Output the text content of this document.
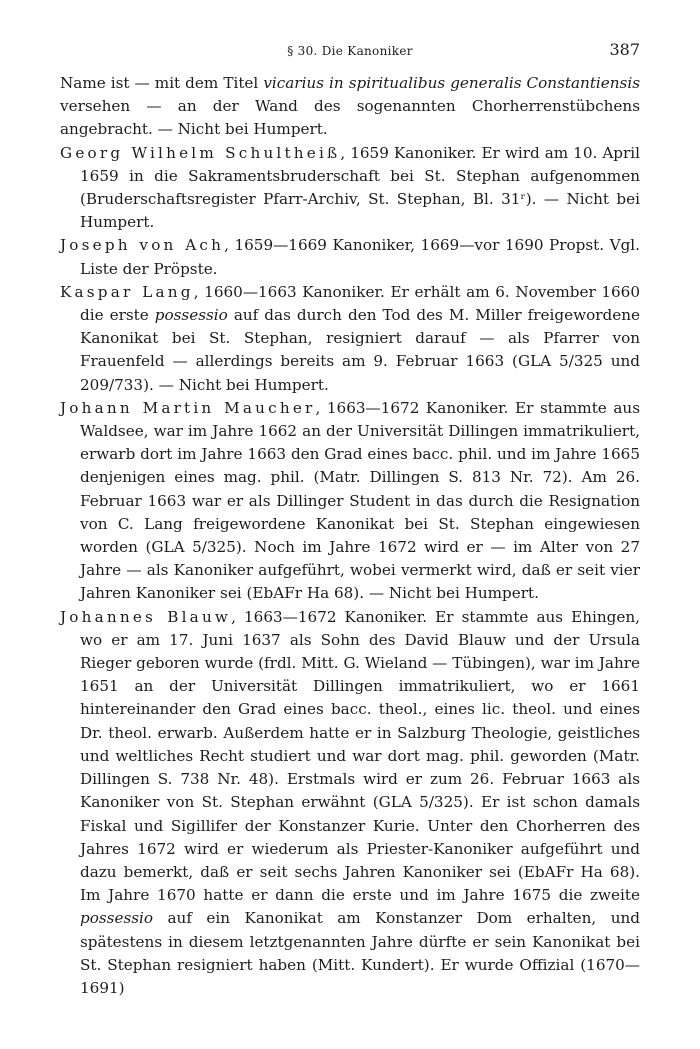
§ 30. Die Kanoniker	387

Name ist — mit dem Titel vicarius in spiritualibus generalis Constantiensis versehen — an der Wand des sogenannten Chorherrenstübchens angebracht. — Nicht bei Humpert.

Georg Wilhelm Schultheiß, 1659 Kanoniker. Er wird am 10. April 1659 in die Sakramentsbruderschaft bei St. Stephan aufgenommen (Bruderschaftsregister Pfarr-Archiv, St. Stephan, Bl. 31ʳ). — Nicht bei Humpert.

Joseph von Ach, 1659—1669 Kanoniker, 1669—vor 1690 Propst. Vgl. Liste der Pröpste.

Kaspar Lang, 1660—1663 Kanoniker. Er erhält am 6. November 1660 die erste possessio auf das durch den Tod des M. Miller freigewordene Kanonikat bei St. Stephan, resigniert darauf — als Pfarrer von Frauenfeld — allerdings bereits am 9. Februar 1663 (GLA 5/325 und 209/733). — Nicht bei Humpert.

Johann Martin Maucher, 1663—1672 Kanoniker. Er stammte aus Waldsee, war im Jahre 1662 an der Universität Dillingen immatrikuliert, erwarb dort im Jahre 1663 den Grad eines bacc. phil. und im Jahre 1665 denjenigen eines mag. phil. (Matr. Dillingen S. 813 Nr. 72). Am 26. Februar 1663 war er als Dillinger Student in das durch die Resignation von C. Lang freigewordene Kanonikat bei St. Stephan eingewiesen worden (GLA 5/325). Noch im Jahre 1672 wird er — im Alter von 27 Jahre — als Kanoniker aufgeführt, wobei vermerkt wird, daß er seit vier Jahren Kanoniker sei (EbAFr Ha 68). — Nicht bei Humpert.

Johannes Blauw, 1663—1672 Kanoniker. Er stammte aus Ehingen, wo er am 17. Juni 1637 als Sohn des David Blauw und der Ursula Rieger geboren wurde (frdl. Mitt. G. Wieland — Tübingen), war im Jahre 1651 an der Universität Dillingen immatrikuliert, wo er 1661 hintereinander den Grad eines bacc. theol., eines lic. theol. und eines Dr. theol. erwarb. Außerdem hatte er in Salzburg Theologie, geistliches und weltliches Recht studiert und war dort mag. phil. geworden (Matr. Dillingen S. 738 Nr. 48). Erstmals wird er zum 26. Februar 1663 als Kanoniker von St. Stephan erwähnt (GLA 5/325). Er ist schon damals Fiskal und Sigillifer der Konstanzer Kurie. Unter den Chorherren des Jahres 1672 wird er wiederum als Priester-Kanoniker aufgeführt und dazu bemerkt, daß er seit sechs Jahren Kanoniker sei (EbAFr Ha 68). Im Jahre 1670 hatte er dann die erste und im Jahre 1675 die zweite possessio auf ein Kanonikat am Konstanzer Dom erhalten, und spätestens in diesem letztgenannten Jahre dürfte er sein Kanonikat bei St. Stephan resigniert haben (Mitt. Kundert). Er wurde Offizial (1670—1691)
